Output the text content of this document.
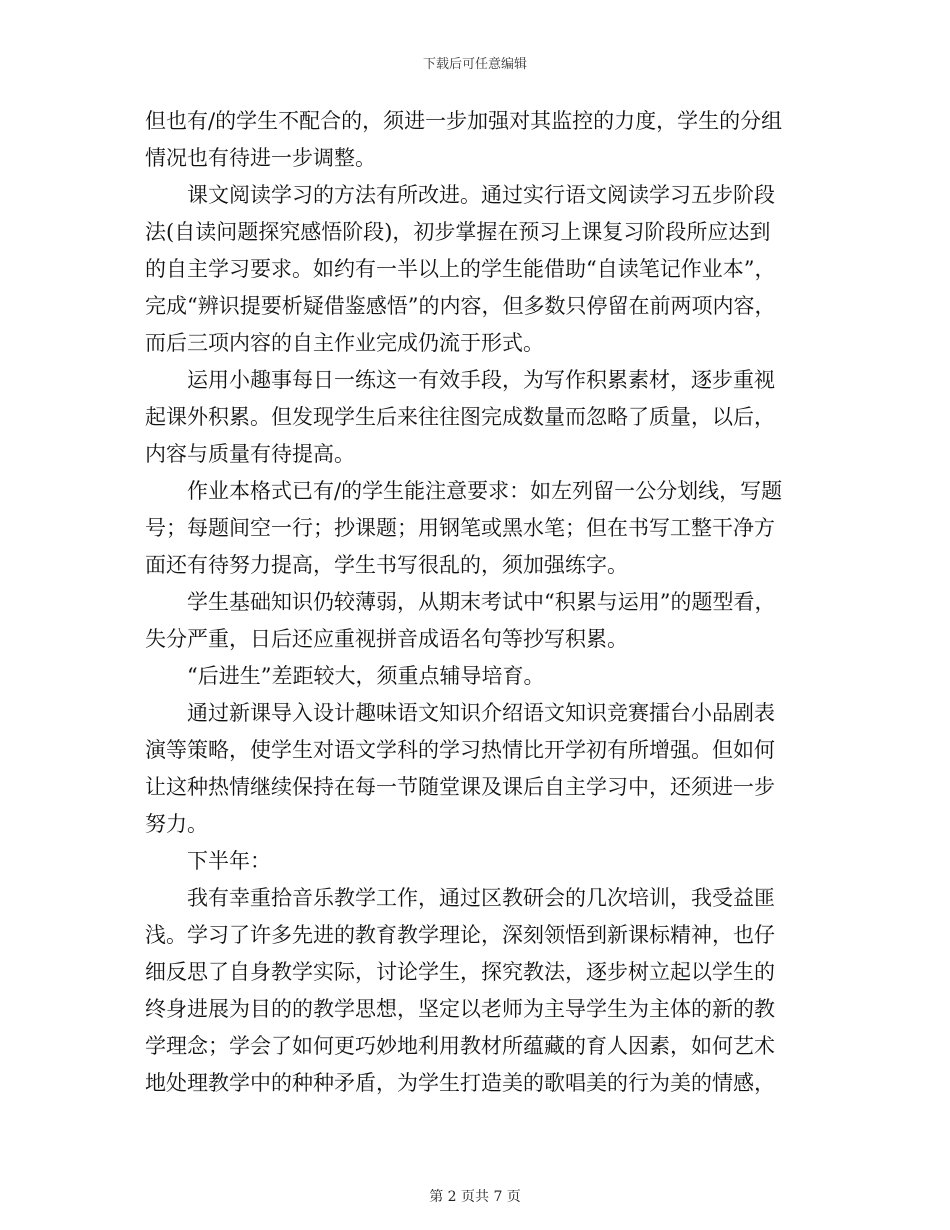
下载后可任意编辑

但也有/的学生不配合的，须进一步加强对其监控的力度，学生的分组
情况也有待进一步调整。

课文阅读学习的方法有所改进。通过实行语文阅读学习五步阶段
法(自读问题探究感悟阶段)，初步掌握在预习上课复习阶段所应达到
的自主学习要求。如约有一半以上的学生能借助“自读笔记作业本”，
完成“辨识提要析疑借鉴感悟”的内容，但多数只停留在前两项内容，
而后三项内容的自主作业完成仍流于形式。

运用小趣事每日一练这一有效手段，为写作积累素材，逐步重视
起课外积累。但发现学生后来往往图完成数量而忽略了质量，以后，
内容与质量有待提高。

作业本格式已有/的学生能注意要求：如左列留一公分划线，写题
号；每题间空一行；抄课题；用钢笔或黑水笔；但在书写工整干净方
面还有待努力提高，学生书写很乱的，须加强练字。

学生基础知识仍较薄弱，从期末考试中“积累与运用”的题型看，
失分严重，日后还应重视拼音成语名句等抄写积累。

“后进生”差距较大，须重点辅导培育。

通过新课导入设计趣味语文知识介绍语文知识竞赛擂台小品剧表
演等策略，使学生对语文学科的学习热情比开学初有所增强。但如何
让这种热情继续保持在每一节随堂课及课后自主学习中，还须进一步
努力。

下半年：

我有幸重拾音乐教学工作，通过区教研会的几次培训，我受益匪
浅。学习了许多先进的教育教学理论，深刻领悟到新课标精神，也仔
细反思了自身教学实际，讨论学生，探究教法，逐步树立起以学生的
终身进展为目的的教学思想，坚定以老师为主导学生为主体的新的教
学理念；学会了如何更巧妙地利用教材所蕴藏的育人因素，如何艺术
地处理教学中的种种矛盾，为学生打造美的歌唱美的行为美的情感，

第 2 页共 7 页
